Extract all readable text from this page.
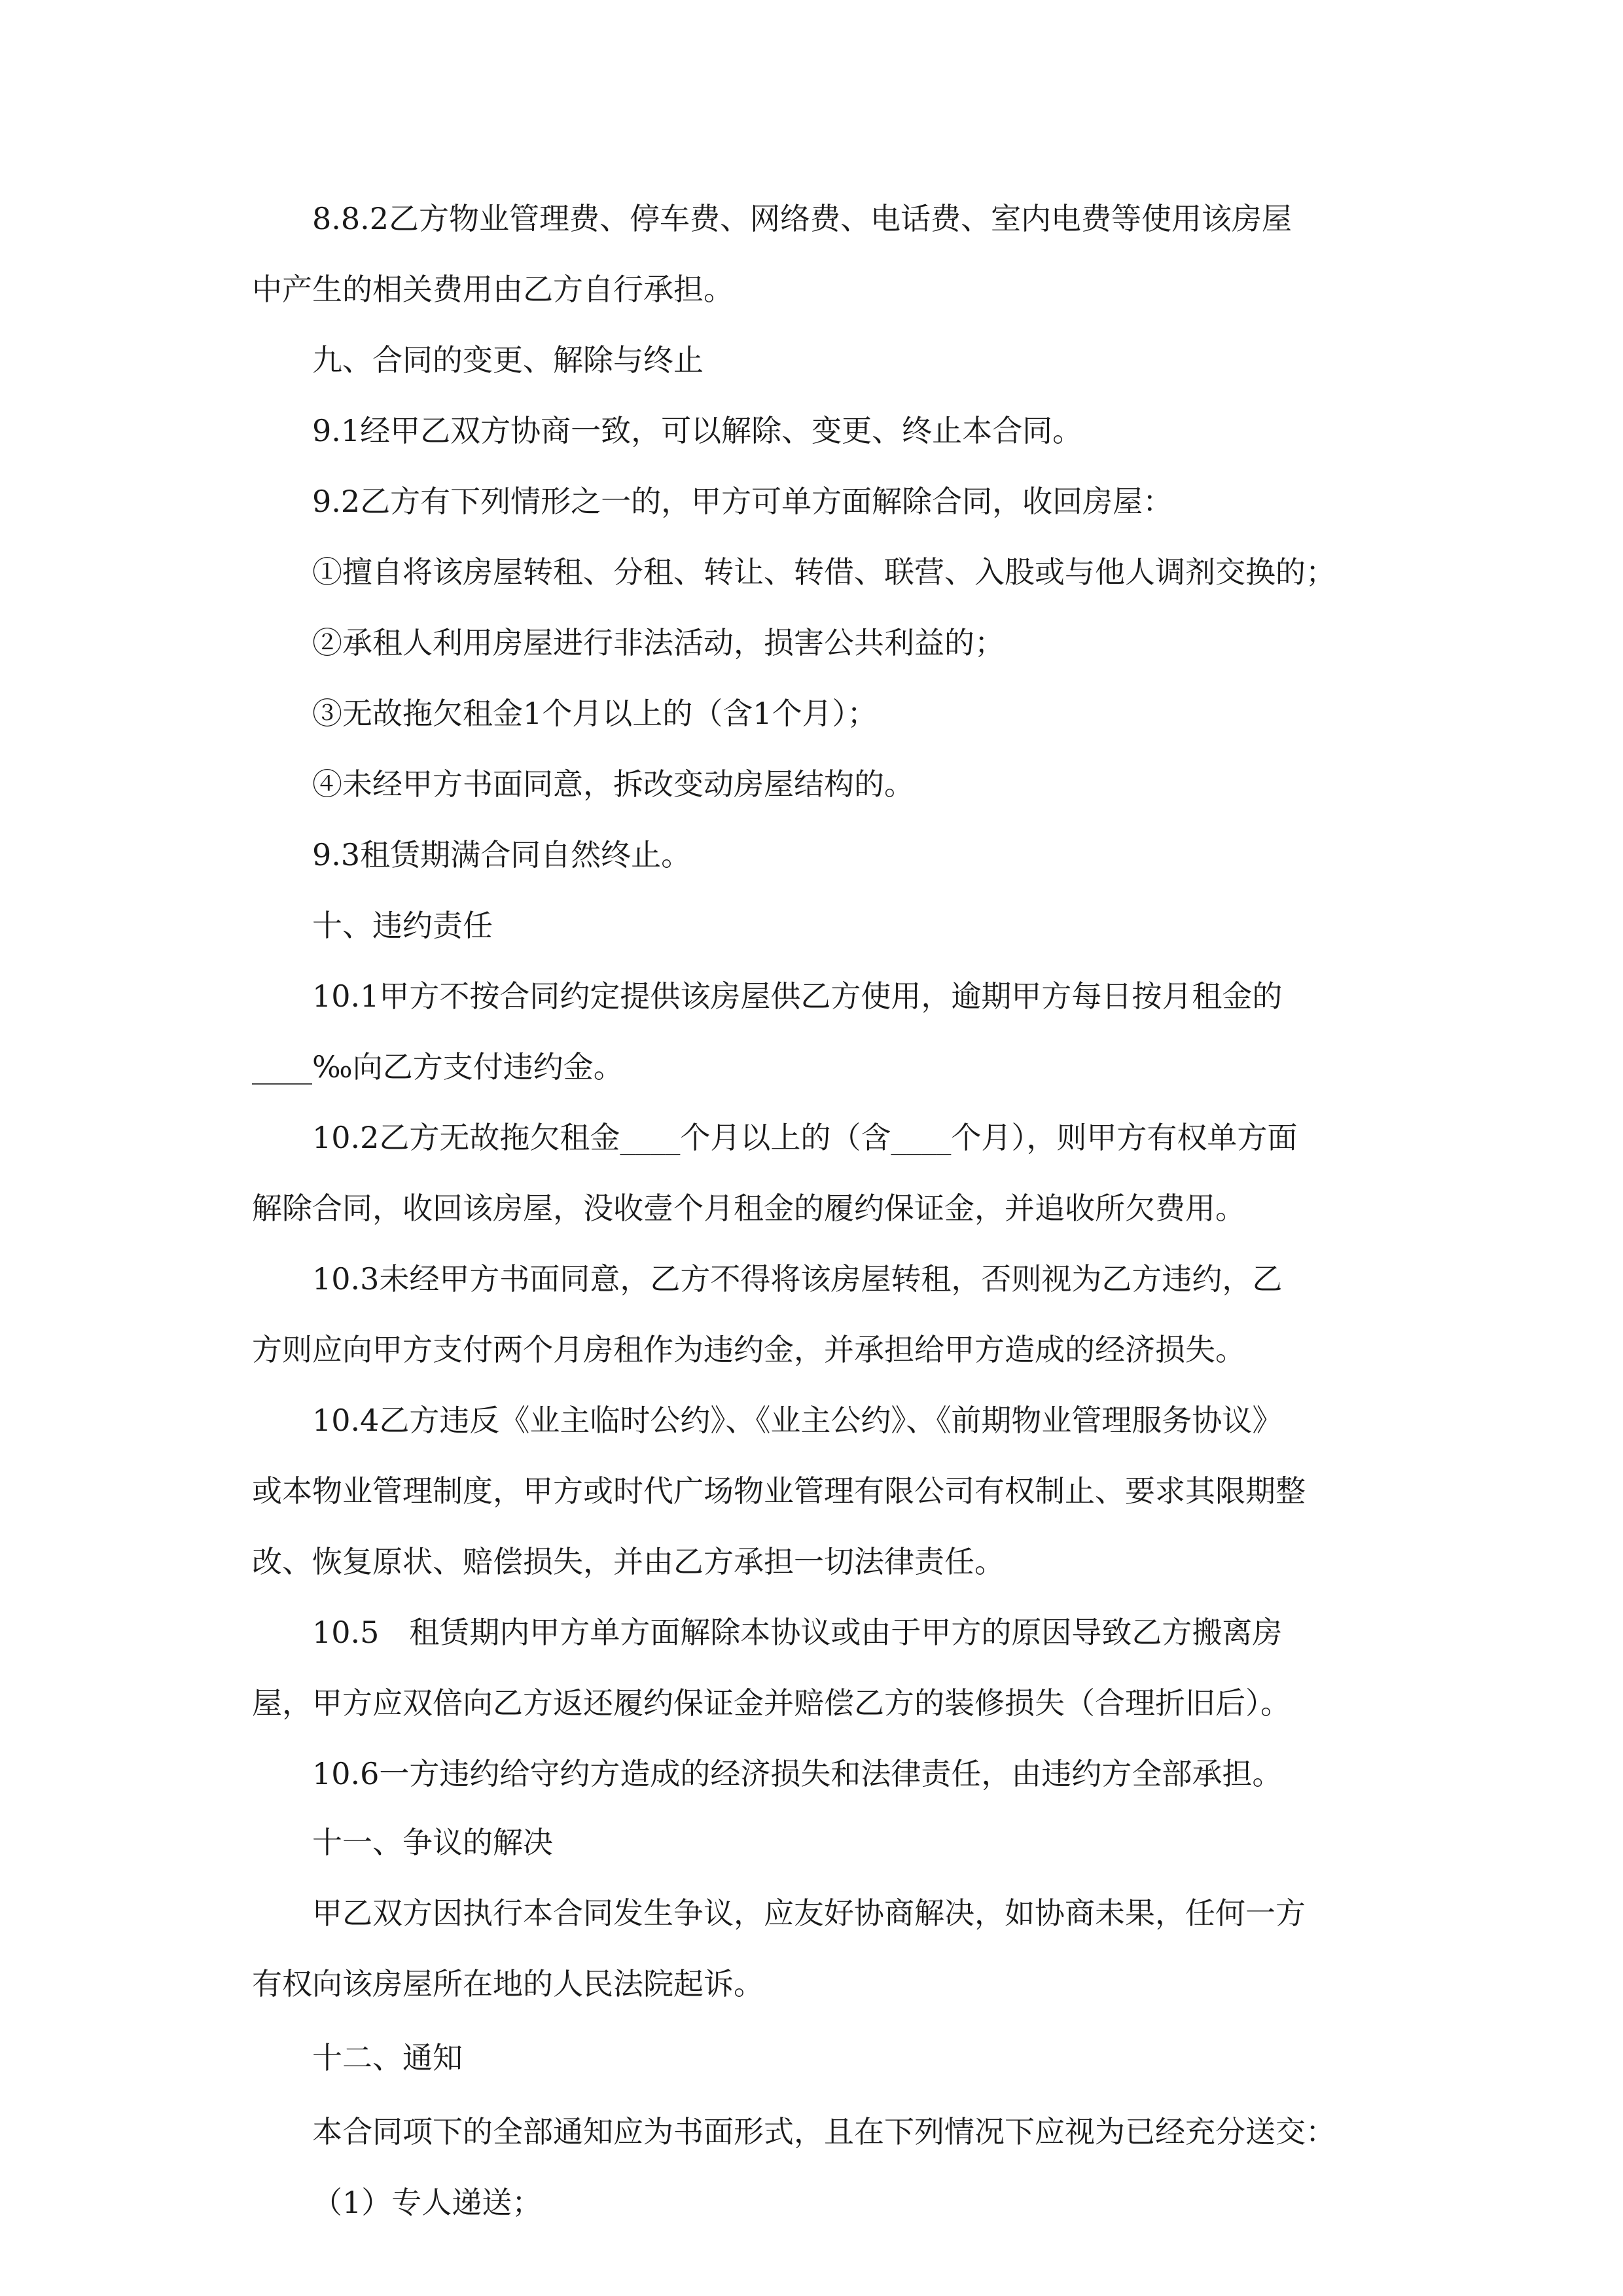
8.8.2乙方物业管理费、停车费、网络费、电话费、室内电费等使用该房屋
中产生的相关费用由乙方自行承担。
九、合同的变更、解除与终止
9.1经甲乙双方协商一致，可以解除、变更、终止本合同。
9.2乙方有下列情形之一的，甲方可单方面解除合同，收回房屋：
①擅自将该房屋转租、分租、转让、转借、联营、入股或与他人调剂交换的；
②承租人利用房屋进行非法活动，损害公共利益的；
③无故拖欠租金1个月以上的（含1个月）；
④未经甲方书面同意，拆改变动房屋结构的。
9.3租赁期满合同自然终止。
十、违约责任
10.1甲方不按合同约定提供该房屋供乙方使用，逾期甲方每日按月租金的
____‰向乙方支付违约金。
10.2乙方无故拖欠租金____个月以上的（含____个月），则甲方有权单方面
解除合同，收回该房屋，没收壹个月租金的履约保证金，并追收所欠费用。
10.3未经甲方书面同意，乙方不得将该房屋转租，否则视为乙方违约，乙
方则应向甲方支付两个月房租作为违约金，并承担给甲方造成的经济损失。
10.4乙方违反《业主临时公约》、《业主公约》、《前期物业管理服务协议》
或本物业管理制度，甲方或时代广场物业管理有限公司有权制止、要求其限期整
改、恢复原状、赔偿损失，并由乙方承担一切法律责任。
10.5　租赁期内甲方单方面解除本协议或由于甲方的原因导致乙方搬离房
屋，甲方应双倍向乙方返还履约保证金并赔偿乙方的装修损失（合理折旧后）。
10.6一方违约给守约方造成的经济损失和法律责任，由违约方全部承担。
十一、争议的解决
甲乙双方因执行本合同发生争议，应友好协商解决，如协商未果，任何一方
有权向该房屋所在地的人民法院起诉。
十二、通知
本合同项下的全部通知应为书面形式，且在下列情况下应视为已经充分送交：
（1）专人递送；
